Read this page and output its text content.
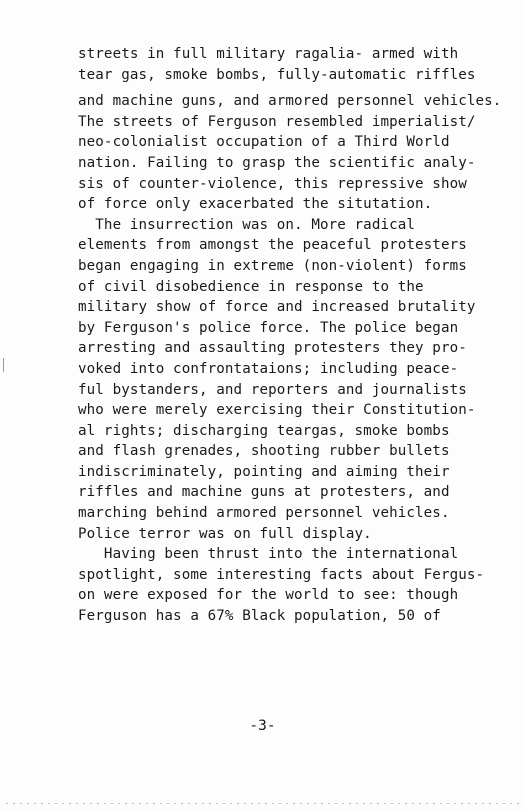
streets in full military ragalia- armed with
tear gas, smoke bombs, fully-automatic riffles
and machine guns, and armored personnel vehicles.
The streets of Ferguson resembled imperialist/
neo-colonialist occupation of a Third World
nation. Failing to grasp the scientific analy-
sis of counter-violence, this repressive show
of force only exacerbated the situtation.
The insurrection was on. More radical
elements from amongst the peaceful protesters
began engaging in extreme (non-violent) forms
of civil disobedience in response to the
military show of force and increased brutality
by Ferguson's police force. The police began
arresting and assaulting protesters they pro-
voked into confrontataions; including peace-
ful bystanders, and reporters and journalists
who were merely exercising their Constitution-
al rights; discharging teargas, smoke bombs
and flash grenades, shooting rubber bullets
indiscriminately, pointing and aiming their
riffles and machine guns at protesters, and
marching behind armored personnel vehicles.
Police terror was on full display.
Having been thrust into the international
spotlight, some interesting facts about Fergus-
on were exposed for the world to see: though
Ferguson has a 67% Black population, 50 of
-3-
